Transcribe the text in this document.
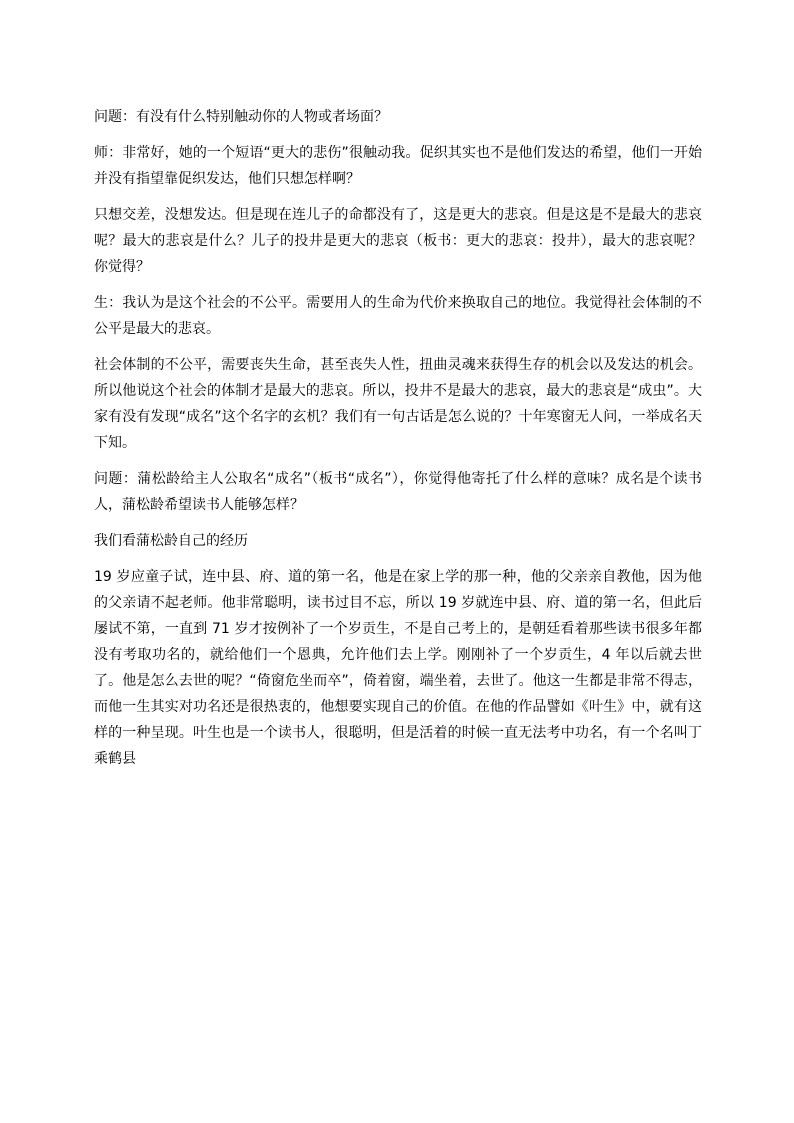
问题：有没有什么特别触动你的人物或者场面？

师：非常好，她的一个短语“更大的悲伤”很触动我。促织其实也不是他们发达的希望，他们一开始并没有指望靠促织发达，他们只想怎样啊？

只想交差，没想发达。但是现在连儿子的命都没有了，这是更大的悲哀。但是这是不是最大的悲哀呢？最大的悲哀是什么？儿子的投井是更大的悲哀（板书：更大的悲哀：投井），最大的悲哀呢？你觉得？

生：我认为是这个社会的不公平。需要用人的生命为代价来换取自己的地位。我觉得社会体制的不公平是最大的悲哀。

社会体制的不公平，需要丧失生命，甚至丧失人性，扭曲灵魂来获得生存的机会以及发达的机会。所以他说这个社会的体制才是最大的悲哀。所以，投井不是最大的悲哀，最大的悲哀是“成虫”。大家有没有发现“成名”这个名字的玄机？我们有一句古话是怎么说的？十年寒窗无人问，一举成名天下知。

问题：蒲松龄给主人公取名“成名”（板书“成名”），你觉得他寄托了什么样的意味？成名是个读书人，蒲松龄希望读书人能够怎样？

我们看蒲松龄自己的经历

19 岁应童子试，连中县、府、道的第一名，他是在家上学的那一种，他的父亲亲自教他，因为他的父亲请不起老师。他非常聪明，读书过目不忘，所以 19 岁就连中县、府、道的第一名，但此后屡试不第，一直到 71 岁才按例补了一个岁贡生，不是自己考上的，是朝廷看着那些读书很多年都没有考取功名的，就给他们一个恩典，允许他们去上学。刚刚补了一个岁贡生，4 年以后就去世了。他是怎么去世的呢？“倚窗危坐而卒”，倚着窗，端坐着，去世了。他这一生都是非常不得志，而他一生其实对功名还是很热衷的，他想要实现自己的价值。在他的作品譬如《叶生》中，就有这样的一种呈现。叶生也是一个读书人，很聪明，但是活着的时候一直无法考中功名，有一个名叫丁乘鹤县
